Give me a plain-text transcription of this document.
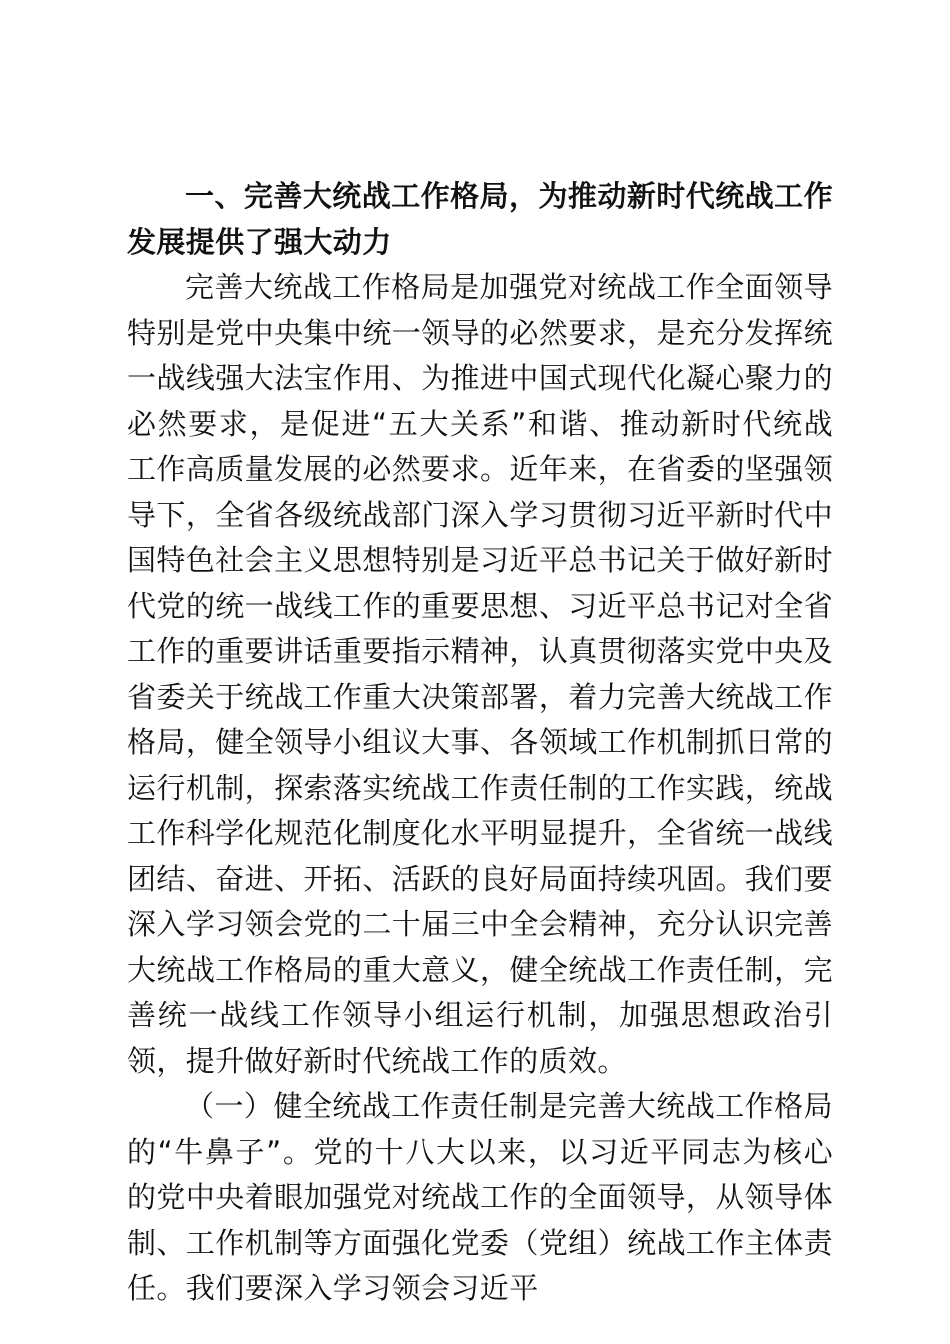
一、完善大统战工作格局，为推动新时代统战工作发展提供了强大动力

完善大统战工作格局是加强党对统战工作全面领导特别是党中央集中统一领导的必然要求，是充分发挥统一战线强大法宝作用、为推进中国式现代化凝心聚力的必然要求，是促进“五大关系”和谐、推动新时代统战工作高质量发展的必然要求。近年来，在省委的坚强领导下，全省各级统战部门深入学习贯彻习近平新时代中国特色社会主义思想特别是习近平总书记关于做好新时代党的统一战线工作的重要思想、习近平总书记对全省工作的重要讲话重要指示精神，认真贯彻落实党中央及省委关于统战工作重大决策部署，着力完善大统战工作格局，健全领导小组议大事、各领域工作机制抓日常的运行机制，探索落实统战工作责任制的工作实践，统战工作科学化规范化制度化水平明显提升，全省统一战线团结、奋进、开拓、活跃的良好局面持续巩固。我们要深入学习领会党的二十届三中全会精神，充分认识完善大统战工作格局的重大意义，健全统战工作责任制，完善统一战线工作领导小组运行机制，加强思想政治引领，提升做好新时代统战工作的质效。

（一）健全统战工作责任制是完善大统战工作格局的“牛鼻子”。党的十八大以来，以习近平同志为核心的党中央着眼加强党对统战工作的全面领导，从领导体制、工作机制等方面强化党委（党组）统战工作主体责任。我们要深入学习领会习近平
